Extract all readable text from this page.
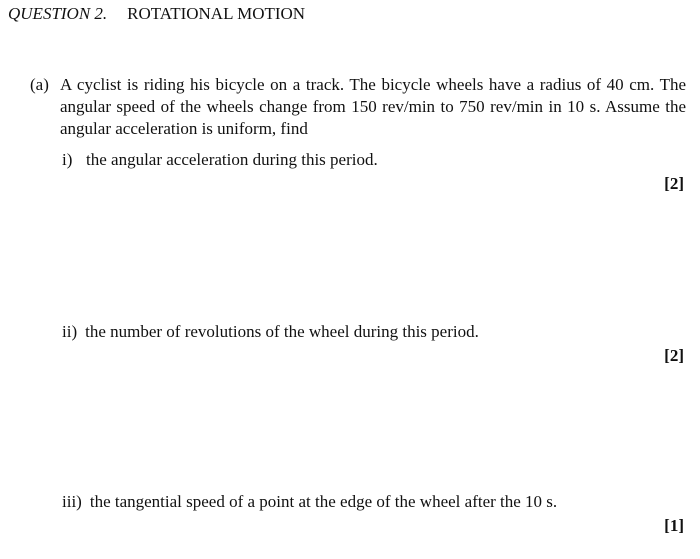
QUESTION 2. ROTATIONAL MOTION
(a) A cyclist is riding his bicycle on a track. The bicycle wheels have a radius of 40 cm. The angular speed of the wheels change from 150 rev/min to 750 rev/min in 10 s. Assume the angular acceleration is uniform, find
i) the angular acceleration during this period.
[2]
ii) the number of revolutions of the wheel during this period.
[2]
iii) the tangential speed of a point at the edge of the wheel after the 10 s.
[1]
